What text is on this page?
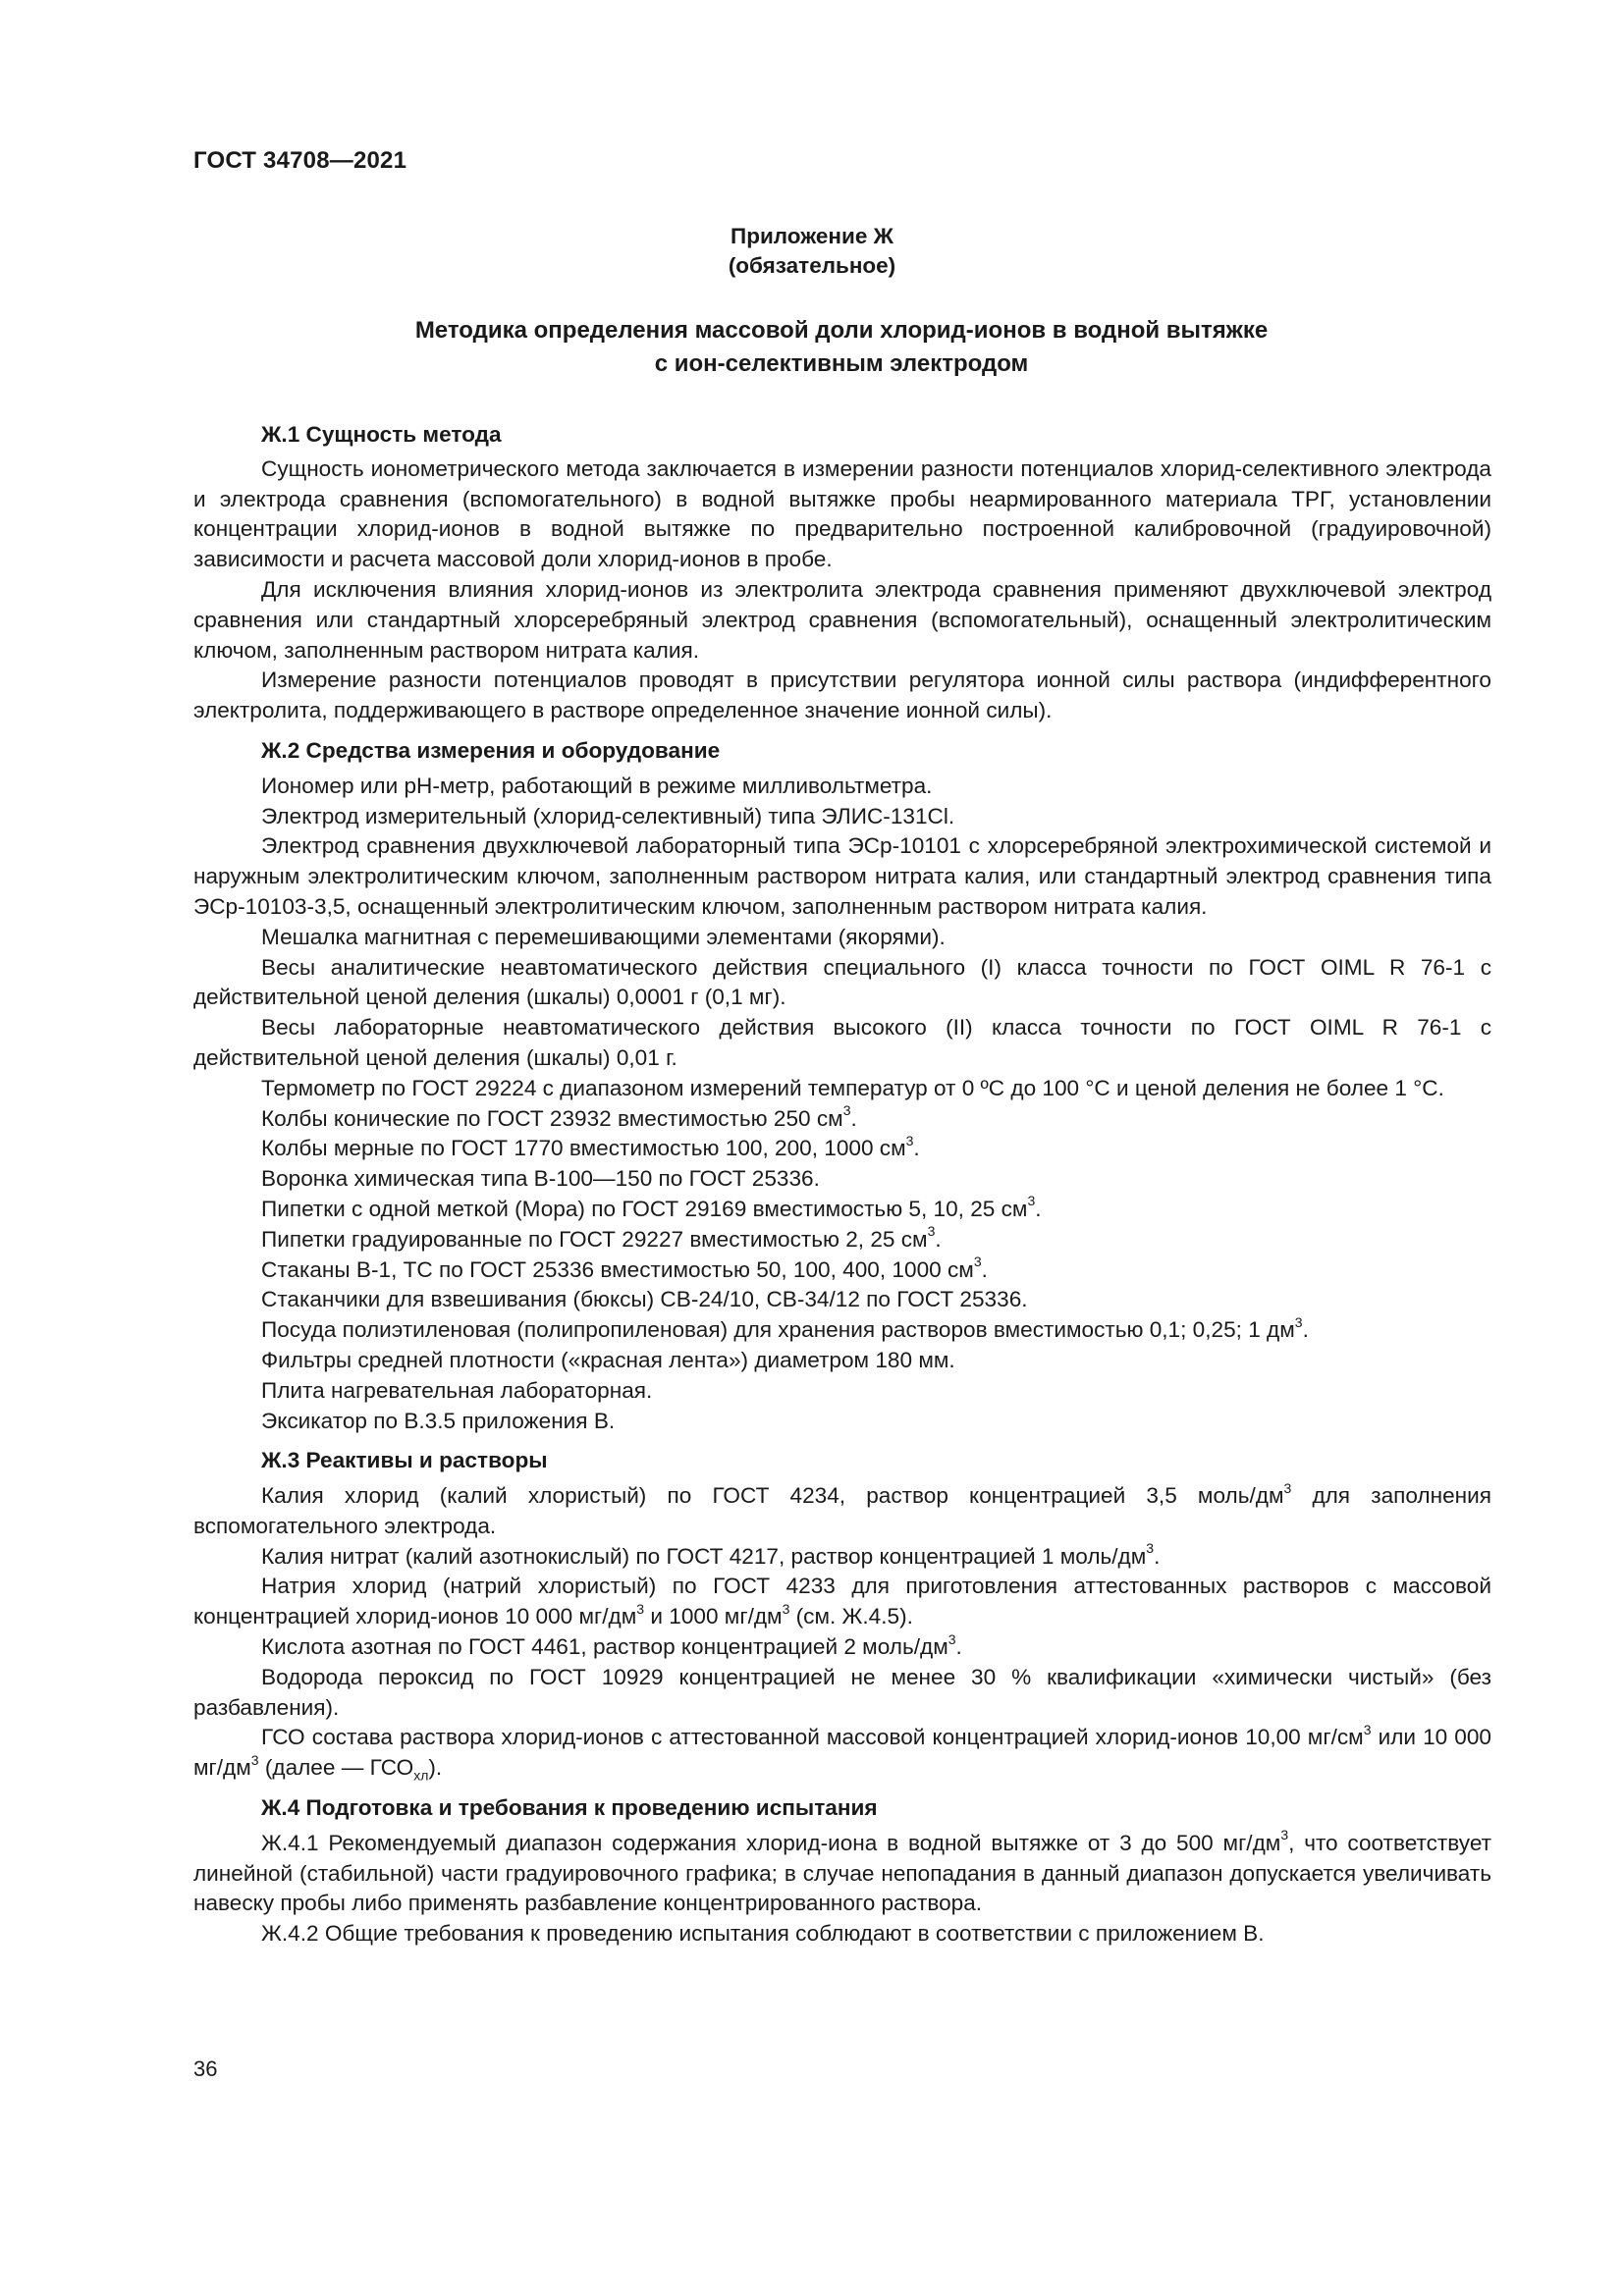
ГОСТ 34708—2021
Приложение Ж
(обязательное)
Методика определения массовой доли хлорид-ионов в водной вытяжке
с ион-селективным электродом
Ж.1 Сущность метода

Сущность ионометрического метода заключается в измерении разности потенциалов хлорид-селективного электрода и электрода сравнения (вспомогательного) в водной вытяжке пробы неармированного материала ТРГ, установлении концентрации хлорид-ионов в водной вытяжке по предварительно построенной калибровочной (градуировочной) зависимости и расчета массовой доли хлорид-ионов в пробе.

Для исключения влияния хлорид-ионов из электролита электрода сравнения применяют двухключевой электрод сравнения или стандартный хлорсеребряный электрод сравнения (вспомогательный), оснащенный электролитическим ключом, заполненным раствором нитрата калия.

Измерение разности потенциалов проводят в присутствии регулятора ионной силы раствора (индифферентного электролита, поддерживающего в растворе определенное значение ионной силы).

Ж.2 Средства измерения и оборудование

Иономер или рН-метр, работающий в режиме милливольтметра.

Электрод измерительный (хлорид-селективный) типа ЭЛИС-131Cl.

Электрод сравнения двухключевой лабораторный типа ЭСр-10101 с хлорсеребряной электрохимической системой и наружным электролитическим ключом, заполненным раствором нитрата калия, или стандартный электрод сравнения типа ЭСр-10103-3,5, оснащенный электролитическим ключом, заполненным раствором нитрата калия.

Мешалка магнитная с перемешивающими элементами (якорями).

Весы аналитические неавтоматического действия специального (I) класса точности по ГОСТ OIML R 76-1 с действительной ценой деления (шкалы) 0,0001 г (0,1 мг).

Весы лабораторные неавтоматического действия высокого (II) класса точности по ГОСТ OIML R 76-1 с действительной ценой деления (шкалы) 0,01 г.

Термометр по ГОСТ 29224 с диапазоном измерений температур от 0 ºС до 100 °С и ценой деления не более 1 °С.

Колбы конические по ГОСТ 23932 вместимостью 250 $см^3$.

Колбы мерные по ГОСТ 1770 вместимостью 100, 200, 1000 $см^3$.

Воронка химическая типа В-100—150 по ГОСТ 25336.

Пипетки с одной меткой (Мора) по ГОСТ 29169 вместимостью 5, 10, 25 $см^3$.

Пипетки градуированные по ГОСТ 29227 вместимостью 2, 25 $см^3$.

Стаканы В-1, ТС по ГОСТ 25336 вместимостью 50, 100, 400, 1000 $см^3$.

Стаканчики для взвешивания (бюксы) СВ-24/10, СВ-34/12 по ГОСТ 25336.

Посуда полиэтиленовая (полипропиленовая) для хранения растворов вместимостью 0,1; 0,25; 1 $дм^3$.

Фильтры средней плотности («красная лента») диаметром 180 мм.

Плита нагревательная лабораторная.

Эксикатор по В.3.5 приложения В.

Ж.3 Реактивы и растворы

Калия хлорид (калий хлористый) по ГОСТ 4234, раствор концентрацией 3,5 моль/$дм^3$ для заполнения вспомогательного электрода.

Калия нитрат (калий азотнокислый) по ГОСТ 4217, раствор концентрацией 1 моль/$дм^3$.

Натрия хлорид (натрий хлористый) по ГОСТ 4233 для приготовления аттестованных растворов с массовой концентрацией хлорид-ионов 10 000 $мг/дм^3$ и 1000 $мг/дм^3$ (см. Ж.4.5).

Кислота азотная по ГОСТ 4461, раствор концентрацией 2 моль/$дм^3$.

Водорода пероксид по ГОСТ 10929 концентрацией не менее 30 % квалификации «химически чистый» (без разбавления).

ГСО состава раствора хлорид-ионов с аттестованной массовой концентрацией хлорид-ионов 10,00 $мг/см^3$ или 10 000 $мг/дм^3$ (далее — $ГСО_{хл}$).

Ж.4 Подготовка и требования к проведению испытания

Ж.4.1 Рекомендуемый диапазон содержания хлорид-иона в водной вытяжке от 3 до 500 $мг/дм^3$, что соответствует линейной (стабильной) части градуировочного графика; в случае непопадания в данный диапазон допускается увеличивать навеску пробы либо применять разбавление концентрированного раствора.

Ж.4.2 Общие требования к проведению испытания соблюдают в соответствии с приложением В.

36
